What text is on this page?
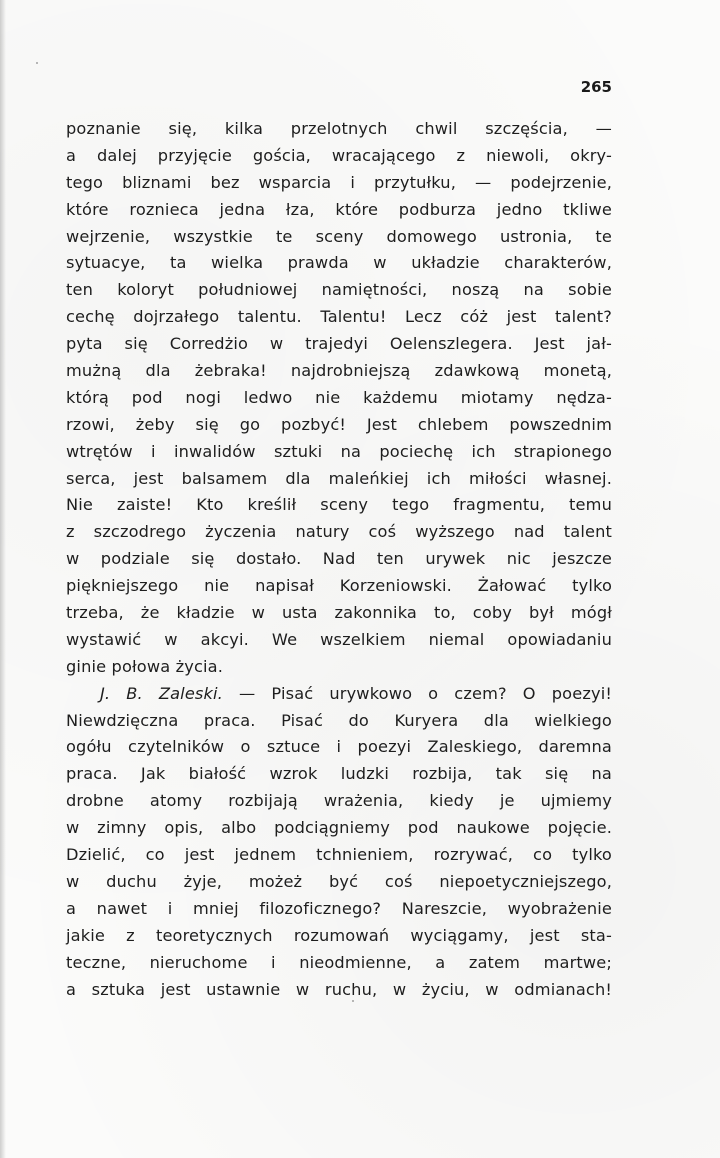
265
poznanie się, kilka przelotnych chwil szczęścia, —
a dalej przyjęcie gościa, wracającego z niewoli, okry-
tego bliznami bez wsparcia i przytułku, — podejrzenie,
które roznieca jedna łza, które podburza jedno tkliwe
wejrzenie, wszystkie te sceny domowego ustronia, te
sytuacye, ta wielka prawda w układzie charakterów,
ten koloryt południowej namiętności, noszą na sobie
cechę dojrzałego talentu. Talentu! Lecz cóż jest talent?
pyta się Corredżio w trajedyi Oelenszlegera. Jest jał-
mużną dla żebraka! najdrobniejszą zdawkową monetą,
którą pod nogi ledwo nie każdemu miotamy nędza-
rzowi, żeby się go pozbyć! Jest chlebem powszednim
wtrętów i inwalidów sztuki na pociechę ich strapionego
serca, jest balsamem dla maleńkiej ich miłości własnej.
Nie zaiste! Kto kreślił sceny tego fragmentu, temu
z szczodrego życzenia natury coś wyższego nad talent
w podziale się dostało. Nad ten urywek nic jeszcze
piękniejszego nie napisał Korzeniowski. Żałować tylko
trzeba, że kładzie w usta zakonnika to, coby był mógł
wystawić w akcyi. We wszelkiem niemal opowiadaniu
ginie połowa życia.
J. B. Zaleski. — Pisać urywkowo o czem? O poezyi!
Niewdzięczna praca. Pisać do Kuryera dla wielkiego
ogółu czytelników o sztuce i poezyi Zaleskiego, daremna
praca. Jak białość wzrok ludzki rozbija, tak się na
drobne atomy rozbijają wrażenia, kiedy je ujmiemy
w zimny opis, albo podciągniemy pod naukowe pojęcie.
Dzielić, co jest jednem tchnieniem, rozrywać, co tylko
w duchu żyje, możeż być coś niepoetyczniejszego,
a nawet i mniej filozoficznego? Nareszcie, wyobrażenie
jakie z teoretycznych rozumowań wyciągamy, jest sta-
teczne, nieruchome i nieodmienne, a zatem martwe;
a sztuka jest ustawnie w ruchu, w życiu, w odmianach!
